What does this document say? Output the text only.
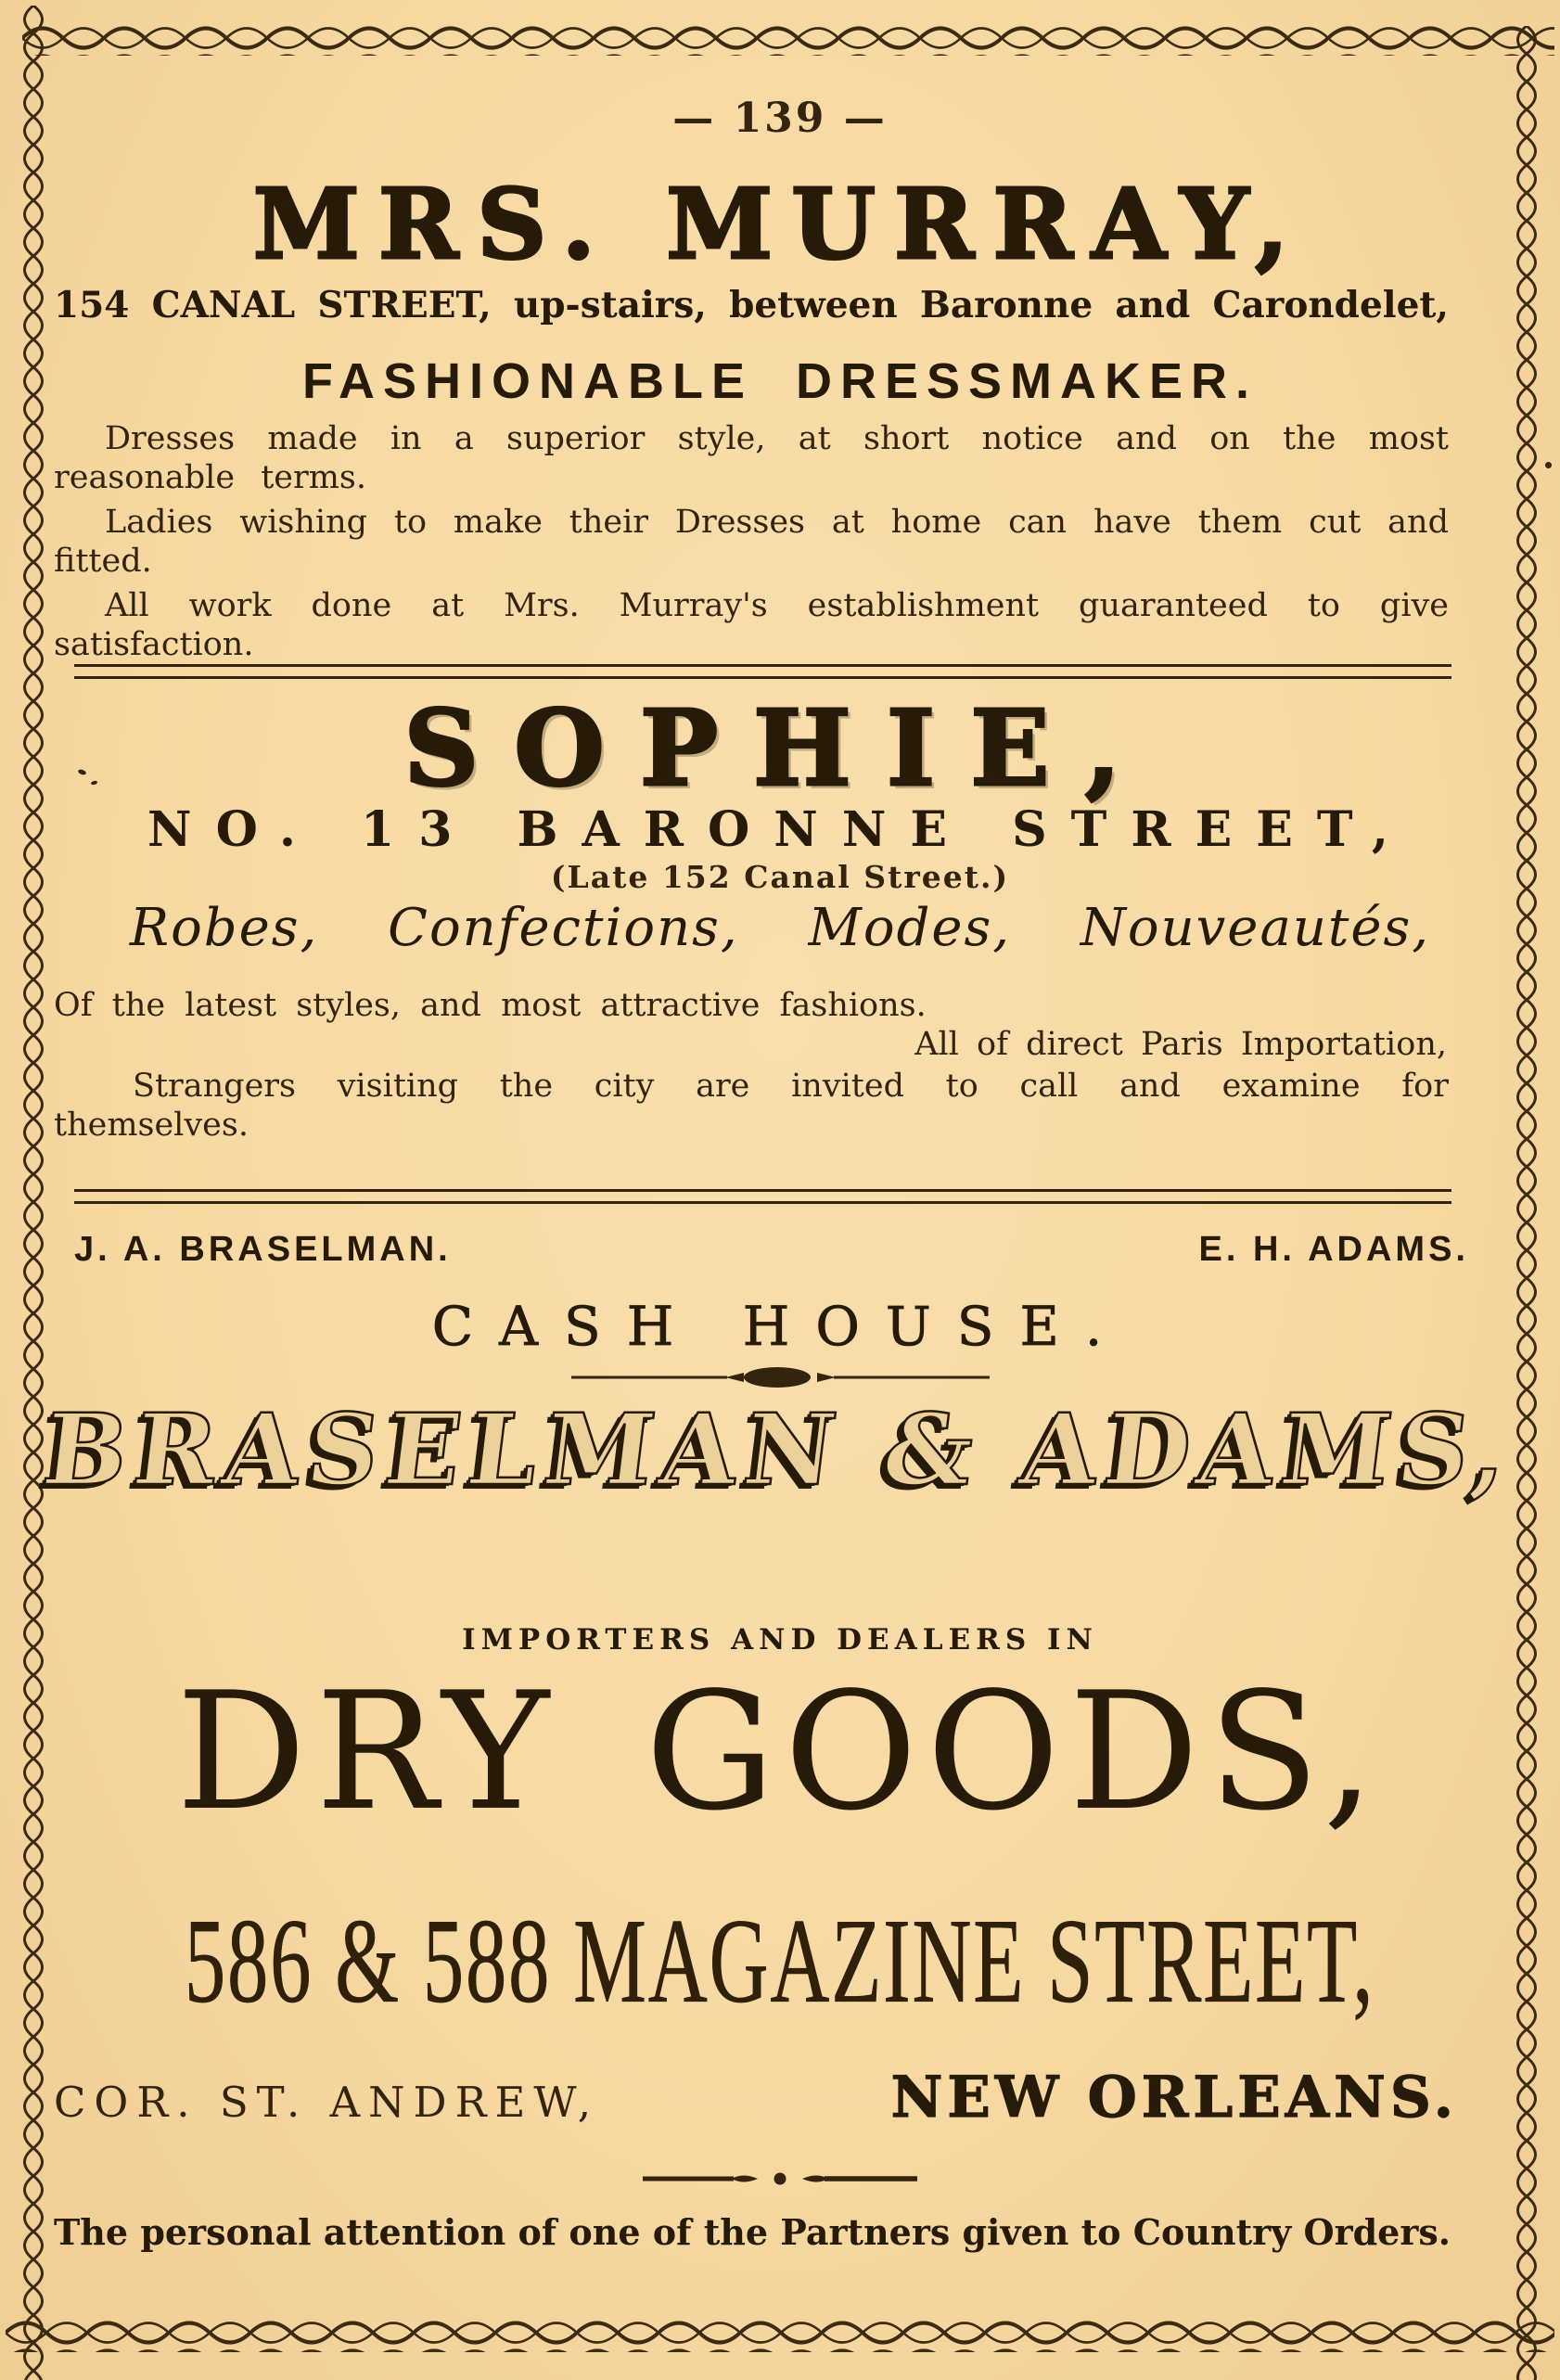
— 139 —
MRS. MURRAY,
154 CANAL STREET, up-stairs, between Baronne and Carondelet,
FASHIONABLE DRESSMAKER.

Dresses made in a superior style, at short notice and on the most reasonable terms.

Ladies wishing to make their Dresses at home can have them cut and fitted.

All work done at Mrs. Murray's establishment guaranteed to give satisfaction.

SOPHIE,
NO. 13 BARONNE STREET,
(Late 152 Canal Street.)
Robes, Confections, Modes, Nouveautés,
Of the latest styles, and most attractive fashions.
All of direct Paris Importation,

Strangers visiting the city are invited to call and examine for themselves.

J. A. BRASELMAN.	E. H. ADAMS.
CASH HOUSE.
BRASELMAN & ADAMS,
IMPORTERS AND DEALERS IN
DRY GOODS,
586 & 588 MAGAZINE STREET,
COR. ST. ANDREW,	NEW ORLEANS.
The personal attention of one of the Partners given to Country Orders.
